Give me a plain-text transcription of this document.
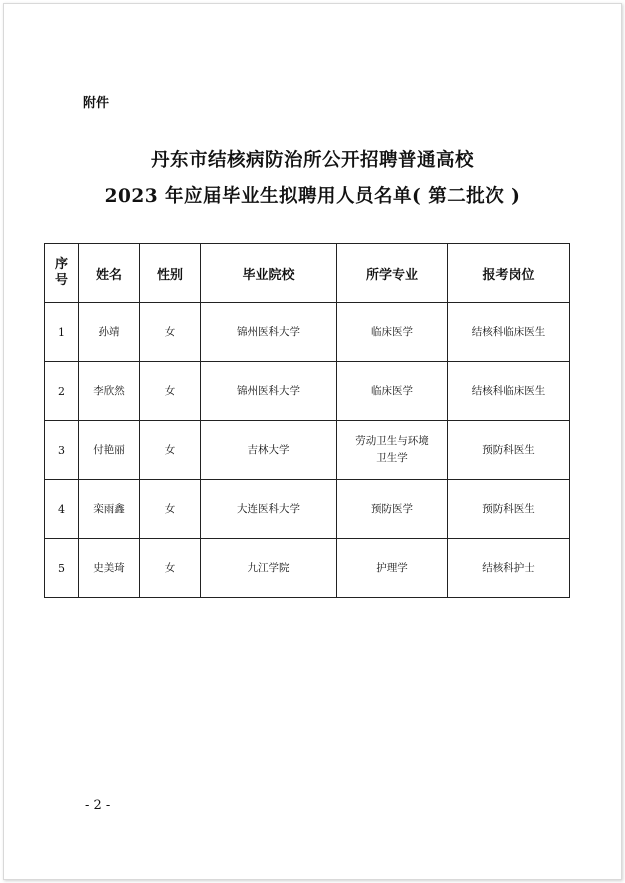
附件
丹东市结核病防治所公开招聘普通高校
2023 年应届毕业生拟聘用人员名单( 第二批次 )
序
号	姓名	性别	毕业院校	所学专业	报考岗位
1	孙靖	女	锦州医科大学	临床医学	结核科临床医生
2	李欣然	女	锦州医科大学	临床医学	结核科临床医生
3	付艳丽	女	吉林大学	劳动卫生与环境
卫生学	预防科医生
4	栾雨鑫	女	大连医科大学	预防医学	预防科医生
5	史美琦	女	九江学院	护理学	结核科护士
- 2 -
